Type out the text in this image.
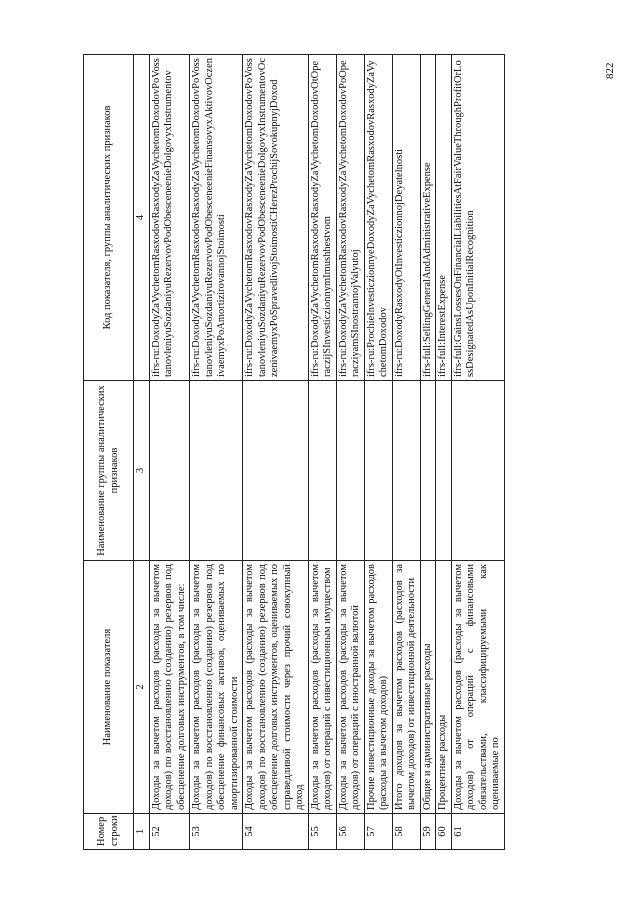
Номер строки	Наименование показателя	Наименование группы аналитических признаков	Код показателя, группы аналитических признаков
1	2	3	4
52	Доходы за вычетом расходов (расходы за вычетом доходов) по восстановлению (созданию) резервов под обесценение долговых инструментов, в том числе:		ifrs-ru:DoxodyZaVychetomRasxodovRasxodyZaVychetomDoxodovPoVosstanovleniyuSozdaniyuRezervovPodObesceneenieDolgovyxInstrumentov
53	Доходы за вычетом расходов (расходы за вычетом доходов) по восстановлению (созданию) резервов под обесценение финансовых активов, оцениваемых по амортизированной стоимости		ifrs-ru:DoxodyZaVychetomRasxodovRasxodyZaVychetomDoxodovPoVosstanovleniyuSozdaniyuRezervovPodObesceneenieFinansovyxAktivovOczenivaemyxPoAmortizirovannojStoimosti
54	Доходы за вычетом расходов (расходы за вычетом доходов) по восстановлению (созданию) резервов под обесценение долговых инструментов, оцениваемых по справедливой стоимости через прочий совокупный доход		ifrs-ru:DoxodyZaVychetomRasxodovRasxodyZaVychetomDoxodovPoVosstanovleniyuSozdaniyuRezervovPodObesceneenieDolgovyxInstrumentovOczenivaemyxPoSpravedlivojStoimostiCHerezProchijSovokupnyjDoxod
55	Доходы за вычетом расходов (расходы за вычетом доходов) от операций с инвестиционным имуществом		ifrs-ru:DoxodyZaVychetomRasxodovRasxodyZaVychetomDoxodovOtOperaczijSInvesticzionnymImushhestvom
56	Доходы за вычетом расходов (расходы за вычетом доходов) от операций с иностранной валютой		ifrs-ru:DoxodyZaVychetomRasxodovRasxodyZaVychetomDoxodovPoOperacziyamSInostrannojValyutoj
57	Прочие инвестиционные доходы за вычетом расходов (расходы за вычетом доходов)		ifrs-ru:ProchieInvesticzionnyeDoxodyZaVychetomRasxodovRasxodyZaVychetomDoxodov
58	Итого доходов за вычетом расходов (расходов за вычетом доходов) от инвестиционной деятельности		ifrs-ru:DoxodyRasxodyOtInvesticzionnojDeyatelnosti
59	Общие и административные расходы		ifrs-full:SellingGeneralAndAdministrativeExpense
60	Процентные расходы		ifrs-full:InterestExpense
61	Доходы за вычетом расходов (расходы за вычетом доходов) от операций с финансовыми обязательствами, классифицируемыми как оцениваемые по		ifrs-full:GainsLossesOnFinancialLiabilitiesAtFairValueThroughProfitOrLossDesignatedAsUponInitialRecognition
822
